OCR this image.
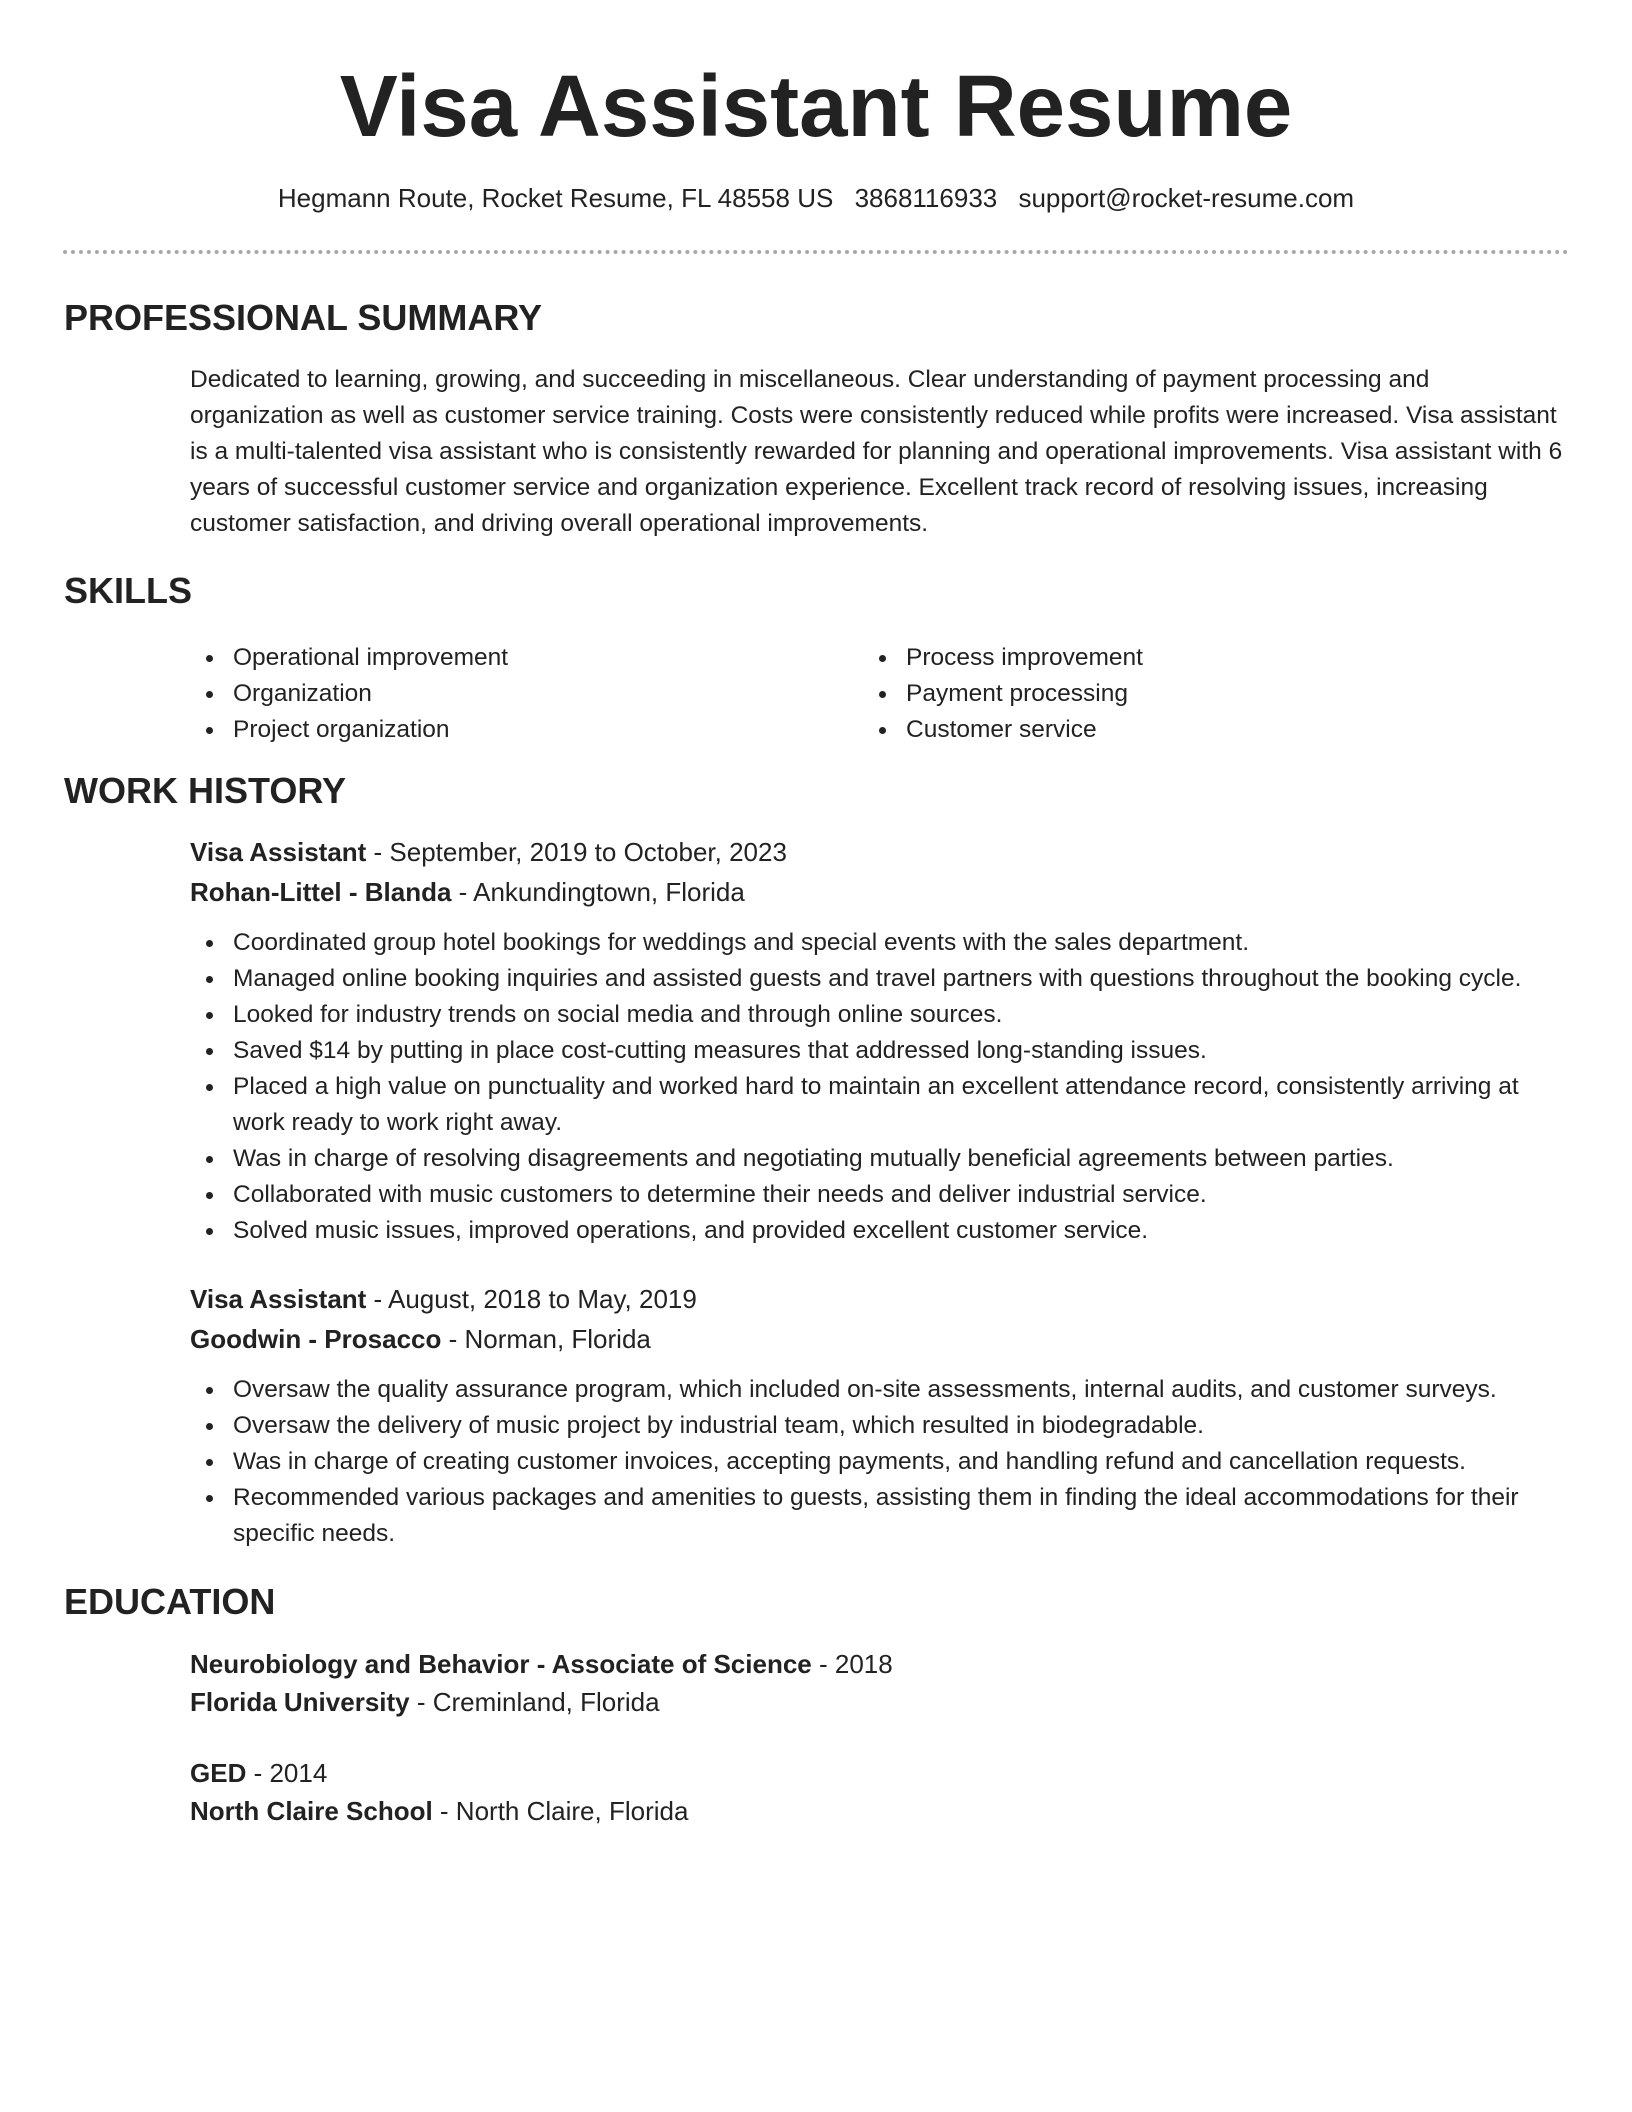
Visa Assistant Resume
Hegmann Route, Rocket Resume, FL 48558 US 3868116933 support@rocket-resume.com
PROFESSIONAL SUMMARY

Dedicated to learning, growing, and succeeding in miscellaneous. Clear understanding of payment processing and organization as well as customer service training. Costs were consistently reduced while profits were increased. Visa assistant is a multi-talented visa assistant who is consistently rewarded for planning and operational improvements. Visa assistant with 6 years of successful customer service and organization experience. Excellent track record of resolving issues, increasing customer satisfaction, and driving overall operational improvements.

SKILLS
Operational improvement
Organization
Project organization
Process improvement
Payment processing
Customer service
WORK HISTORY
Visa Assistant - September, 2019 to October, 2023
Rohan-Littel - Blanda - Ankundingtown, Florida
Coordinated group hotel bookings for weddings and special events with the sales department.
Managed online booking inquiries and assisted guests and travel partners with questions throughout the booking cycle.
Looked for industry trends on social media and through online sources.
Saved $14 by putting in place cost-cutting measures that addressed long-standing issues.
Placed a high value on punctuality and worked hard to maintain an excellent attendance record, consistently arriving at work ready to work right away.
Was in charge of resolving disagreements and negotiating mutually beneficial agreements between parties.
Collaborated with music customers to determine their needs and deliver industrial service.
Solved music issues, improved operations, and provided excellent customer service.
Visa Assistant - August, 2018 to May, 2019
Goodwin - Prosacco - Norman, Florida
Oversaw the quality assurance program, which included on-site assessments, internal audits, and customer surveys.
Oversaw the delivery of music project by industrial team, which resulted in biodegradable.
Was in charge of creating customer invoices, accepting payments, and handling refund and cancellation requests.
Recommended various packages and amenities to guests, assisting them in finding the ideal accommodations for their specific needs.
EDUCATION
Neurobiology and Behavior - Associate of Science - 2018
Florida University - Creminland, Florida
GED - 2014
North Claire School - North Claire, Florida
